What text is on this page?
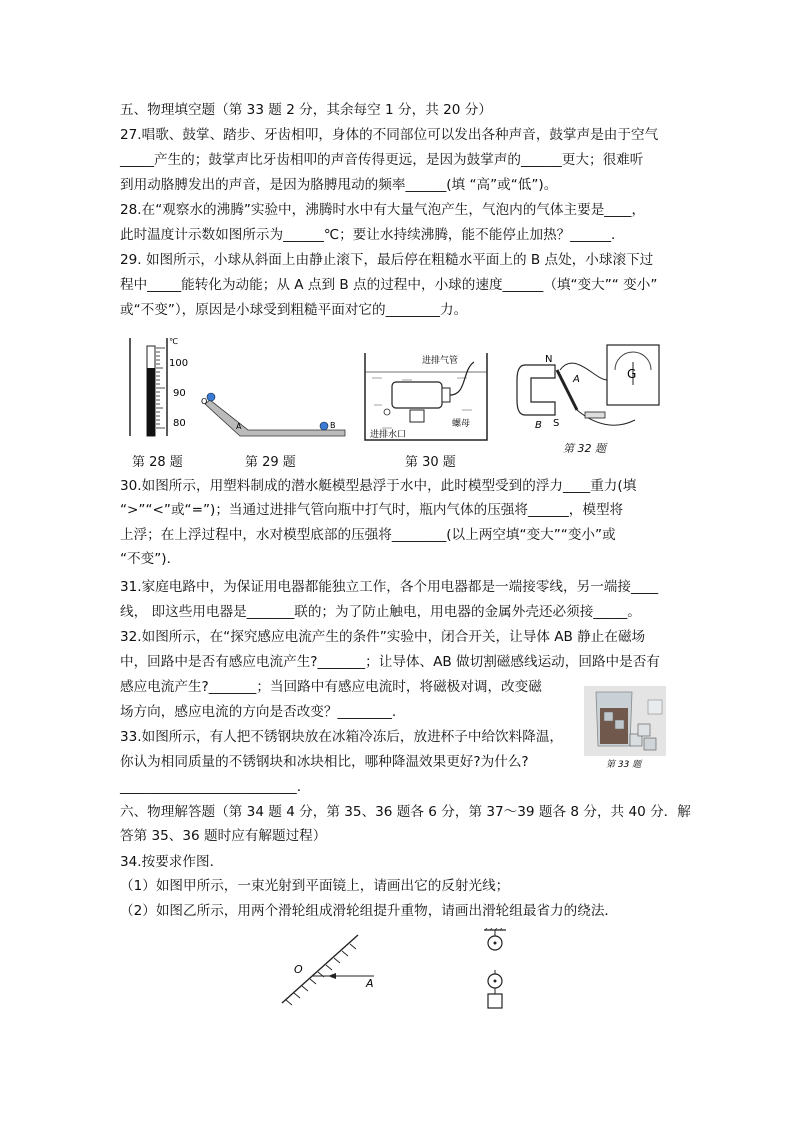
五、物理填空题（第 33 题 2 分，其余每空 1 分，共 20 分）
27.唱歌、鼓掌、踏步、牙齿相叩，身体的不同部位可以发出各种声音，鼓掌声是由于空气
_____产生的；鼓掌声比牙齿相叩的声音传得更远，是因为鼓掌声的______更大；很难听
到用动胳膊发出的声音，是因为胳膊甩动的频率______(填 “高”或“低”)。
28.在“观察水的沸腾”实验中，沸腾时水中有大量气泡产生，气泡内的气体主要是____，
此时温度计示数如图所示为______℃；要让水持续沸腾，能不能停止加热？______.
29. 如图所示，小球从斜面上由静止滚下，最后停在粗糙水平面上的 B 点处，小球滚下过
程中_____能转化为动能；从 A 点到 B 点的过程中，小球的速度______（填“变大”“ 变小”
或“不变”），原因是小球受到粗糙平面对它的________力。
℃
100
90
80
第 28 题
O
A	B
第 29 题
进排气管
进排水口
螺母
第 30 题
N
A
B S
G
第 32 题
30.如图所示，用塑料制成的潜水艇模型悬浮于水中，此时模型受到的浮力____重力(填
“>”“<”或“=”)；当通过进排气管向瓶中打气时，瓶内气体的压强将______，模型将
上浮；在上浮过程中，水对模型底部的压强将________(以上两空填“变大”“变小”或
“不变”)．
31.家庭电路中，为保证用电器都能独立工作，各个用电器都是一端接零线，另一端接____
线， 即这些用电器是_______联的；为了防止触电，用电器的金属外壳还必须接_____。
32.如图所示，在“探究感应电流产生的条件”实验中，闭合开关，让导体 AB 静止在磁场
中，回路中是否有感应电流产生?_______；让导体、AB 做切割磁感线运动，回路中是否有
感应电流产生?_______；当回路中有感应电流时，将磁极对调，改变磁
场方向，感应电流的方向是否改变？________.
33.如图所示，有人把不锈钢块放在冰箱冷冻后，放进杯子中给饮料降温，
你认为相同质量的不锈钢块和冰块相比，哪种降温效果更好?为什么?
__________________________.
第 33 题
六、物理解答题（第 34 题 4 分，第 35、36 题各 6 分，第 37～39 题各 8 分，共 40 分．解
答第 35、36 题时应有解题过程）
34.按要求作图．
（1）如图甲所示，一束光射到平面镜上，请画出它的反射光线；
（2）如图乙所示，用两个滑轮组成滑轮组提升重物，请画出滑轮组最省力的绕法．
O
A
